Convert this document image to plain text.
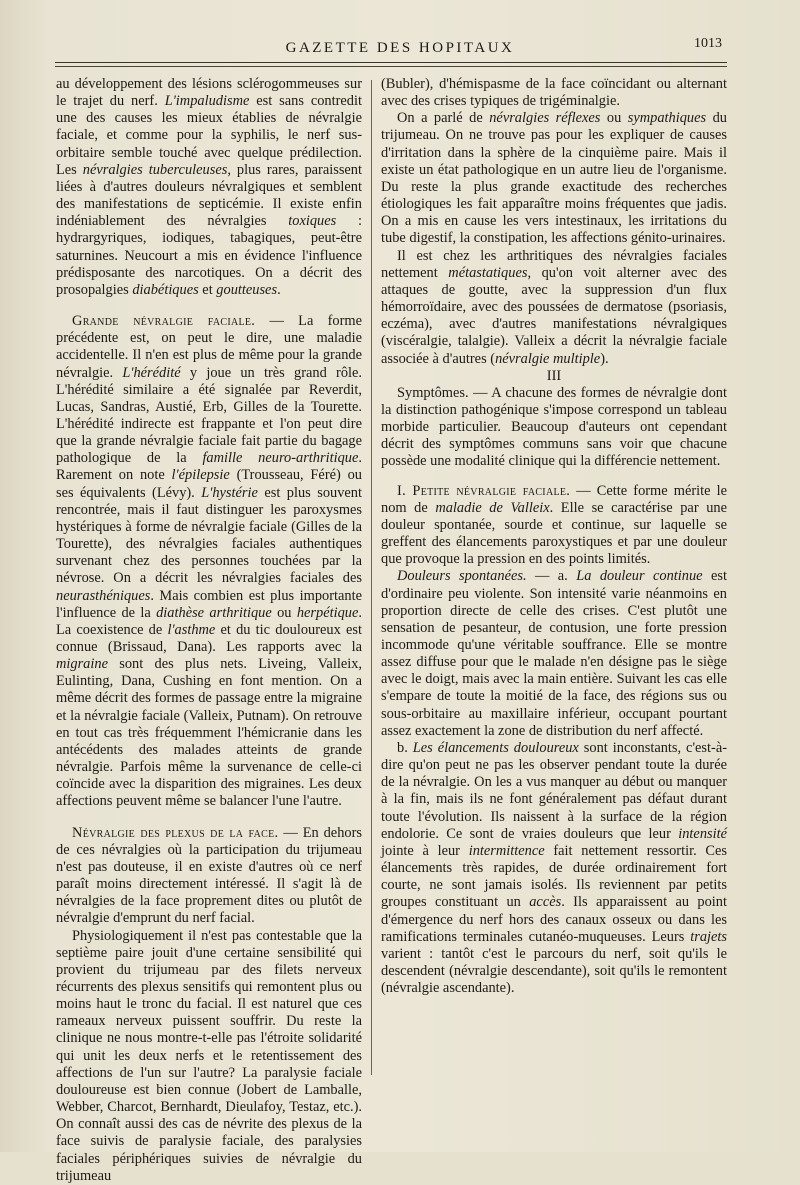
GAZETTE DES HOPITAUX	1013

au développement des lésions sclérogommeuses sur le trajet du nerf. L'impaludisme est sans contredit une des causes les mieux établies de névralgie faciale, et comme pour la syphilis, le nerf sus-orbitaire semble touché avec quelque prédilection. Les névralgies tuberculeuses, plus rares, paraissent liées à d'autres douleurs névralgiques et semblent des manifestations de septicémie. Il existe enfin indéniablement des névralgies toxiques : hydrargyriques, iodiques, tabagiques, peut-être saturnines. Neucourt a mis en évidence l'influence prédisposante des narcotiques. On a décrit des prosopalgies diabétiques et goutteuses.

Grande névralgie faciale. — La forme précédente est, on peut le dire, une maladie accidentelle. Il n'en est plus de même pour la grande névralgie. L'hérédité y joue un très grand rôle. L'hérédité similaire a été signalée par Reverdit, Lucas, Sandras, Austié, Erb, Gilles de la Tourette. L'hérédité indirecte est frappante et l'on peut dire que la grande névralgie faciale fait partie du bagage pathologique de la famille neuro-arthritique. Rarement on note l'épilepsie (Trousseau, Féré) ou ses équivalents (Lévy). L'hystérie est plus souvent rencontrée, mais il faut distinguer les paroxysmes hystériques à forme de névralgie faciale (Gilles de la Tourette), des névralgies faciales authentiques survenant chez des personnes touchées par la névrose. On a décrit les névralgies faciales des neurasthéniques. Mais combien est plus importante l'influence de la diathèse arthritique ou herpétique. La coexistence de l'asthme et du tic douloureux est connue (Brissaud, Dana). Les rapports avec la migraine sont des plus nets. Liveing, Valleix, Eulinting, Dana, Cushing en font mention. On a même décrit des formes de passage entre la migraine et la névralgie faciale (Valleix, Putnam). On retrouve en tout cas très fréquemment l'hémicranie dans les antécédents des malades atteints de grande névralgie. Parfois même la survenance de celle-ci coïncide avec la disparition des migraines. Les deux affections peuvent même se balancer l'une l'autre.

Névralgie des plexus de la face. — En dehors de ces névralgies où la participation du trijumeau n'est pas douteuse, il en existe d'autres où ce nerf paraît moins directement intéressé. Il s'agit là de névralgies de la face proprement dites ou plutôt de névralgie d'emprunt du nerf facial.

Physiologiquement il n'est pas contestable que la septième paire jouit d'une certaine sensibilité qui provient du trijumeau par des filets nerveux récurrents des plexus sensitifs qui remontent plus ou moins haut le tronc du facial. Il est naturel que ces rameaux nerveux puissent souffrir. Du reste la clinique ne nous montre-t-elle pas l'étroite solidarité qui unit les deux nerfs et le retentissement des affections de l'un sur l'autre? La paralysie faciale douloureuse est bien connue (Jobert de Lamballe, Webber, Charcot, Bernhardt, Dieulafoy, Testaz, etc.). On connaît aussi des cas de névrite des plexus de la face suivis de paralysie faciale, des paralysies faciales périphériques suivies de névralgie du trijumeau

(Bubler), d'hémispasme de la face coïncidant ou alternant avec des crises typiques de trigéminalgie.

On a parlé de névralgies réflexes ou sympathiques du trijumeau. On ne trouve pas pour les expliquer de causes d'irritation dans la sphère de la cinquième paire. Mais il existe un état pathologique en un autre lieu de l'organisme. Du reste la plus grande exactitude des recherches étiologiques les fait apparaître moins fréquentes que jadis. On a mis en cause les vers intestinaux, les irritations du tube digestif, la constipation, les affections génito-urinaires.

Il est chez les arthritiques des névralgies faciales nettement métastatiques, qu'on voit alterner avec des attaques de goutte, avec la suppression d'un flux hémorroïdaire, avec des poussées de dermatose (psoriasis, eczéma), avec d'autres manifestations névralgiques (viscéralgie, talalgie). Valleix a décrit la névralgie faciale associée à d'autres (névralgie multiple).

III

Symptômes. — A chacune des formes de névralgie dont la distinction pathogénique s'impose correspond un tableau morbide particulier. Beaucoup d'auteurs ont cependant décrit des symptômes communs sans voir que chacune possède une modalité clinique qui la différencie nettement.

I. Petite névralgie faciale. — Cette forme mérite le nom de maladie de Valleix. Elle se caractérise par une douleur spontanée, sourde et continue, sur laquelle se greffent des élancements paroxystiques et par une douleur que provoque la pression en des points limités.

Douleurs spontanées. — a. La douleur continue est d'ordinaire peu violente. Son intensité varie néanmoins en proportion directe de celle des crises. C'est plutôt une sensation de pesanteur, de contusion, une forte pression incommode qu'une véritable souffrance. Elle se montre assez diffuse pour que le malade n'en désigne pas le siège avec le doigt, mais avec la main entière. Suivant les cas elle s'empare de toute la moitié de la face, des régions sus ou sous-orbitaire au maxillaire inférieur, occupant pourtant assez exactement la zone de distribution du nerf affecté.

b. Les élancements douloureux sont inconstants, c'est-à-dire qu'on peut ne pas les observer pendant toute la durée de la névralgie. On les a vus manquer au début ou manquer à la fin, mais ils ne font généralement pas défaut durant toute l'évolution. Ils naissent à la surface de la région endolorie. Ce sont de vraies douleurs que leur intensité jointe à leur intermittence fait nettement ressortir. Ces élancements très rapides, de durée ordinairement fort courte, ne sont jamais isolés. Ils reviennent par petits groupes constituant un accès. Ils apparaissent au point d'émergence du nerf hors des canaux osseux ou dans les ramifications terminales cutanéo-muqueuses. Leurs trajets varient : tantôt c'est le parcours du nerf, soit qu'ils le descendent (névralgie descendante), soit qu'ils le remontent (névralgie ascendante).
